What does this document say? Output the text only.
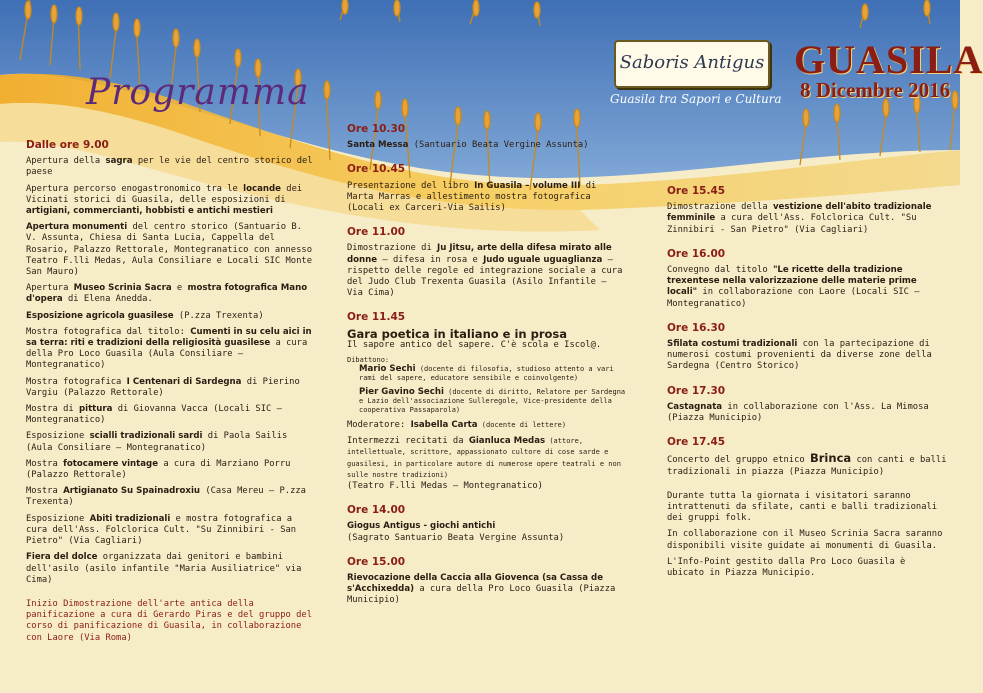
Programma
Saboris Antigus
Guasila tra Sapori e Cultura
GUASILA
8 Dicembre 2016
Dalle ore 9.00
Apertura della sagra per le vie del centro storico del paese
Apertura percorso enogastronomico tra le locande dei Vicinati storici di Guasila, delle esposizioni di artigiani, commercianti, hobbisti e antichi mestieri
Apertura monumenti del centro storico (Santuario B. V. Assunta, Chiesa di Santa Lucia, Cappella del Rosario, Palazzo Rettorale, Montegranatico con annesso Teatro F.lli Medas, Aula Consiliare e Locali SIC Monte San Mauro)
Apertura Museo Scrinia Sacra e mostra fotografica Mano d'opera di Elena Anedda.
Esposizione agricola guasilese (P.zza Trexenta)
Mostra fotografica dal titolo: Cumenti in su celu aici in sa terra: riti e tradizioni della religiosità guasilese a cura della Pro Loco Guasila (Aula Consiliare – Montegranatico)
Mostra fotografica I Centenari di Sardegna di Pierino Vargiu (Palazzo Rettorale)
Mostra di pittura di Giovanna Vacca (Locali SIC – Montegranatico)
Esposizione scialli tradizionali sardi di Paola Sailis (Aula Consiliare – Montegranatico)
Mostra fotocamere vintage a cura di Marziano Porru (Palazzo Rettorale)
Mostra Artigianato Su Spainadroxiu (Casa Mereu – P.zza Trexenta)
Esposizione Abiti tradizionali e mostra fotografica a cura dell'Ass. Folclorica Cult. "Su Zinnibiri - San Pietro" (Via Cagliari)
Fiera del dolce organizzata dai genitori e bambini dell'asilo (asilo infantile "Maria Ausiliatrice" via Cima)
Inizio Dimostrazione dell'arte antica della panificazione a cura di Gerardo Piras e del gruppo del corso di panificazione di Guasila, in collaborazione con Laore (Via Roma)
Ore 10.30
Santa Messa (Santuario Beata Vergine Assunta)
Ore 10.45
Presentazione del libro In Guasila – volume III di Marta Marras e allestimento mostra fotografica (Locali ex Carceri-Via Sailis)
Ore 11.00
Dimostrazione di Ju Jitsu, arte della difesa mirato alle donne – difesa in rosa e Judo uguale uguaglianza – rispetto delle regole ed integrazione sociale a cura del Judo Club Trexenta Guasila (Asilo Infantile – Via Cima)
Ore 11.45
Gara poetica in italiano e in prosa
Il sapore antico del sapere. C'è scola e Iscol@.
Dibattono:
Mario Sechi (docente di filosofia, studioso attento a vari rami del sapere, educatore sensibile e coinvolgente)
Pier Gavino Sechi (docente di diritto, Relatore per Sardegna e Lazio dell'associazione Sulleregole, Vice-presidente della cooperativa Passaparola)
Moderatore: Isabella Carta (docente di lettere)
Intermezzi recitati da Gianluca Medas (attore, intellettuale, scrittore, appassionato cultore di cose sarde e guasilesi, in particolare autore di numerose opere teatrali e non sulle nostre tradizioni)
(Teatro F.lli Medas – Montegranatico)
Ore 14.00
Giogus Antigus - giochi antichi
(Sagrato Santuario Beata Vergine Assunta)
Ore 15.00
Rievocazione della Caccia alla Giovenca (sa Cassa de s'Acchixedda) a cura della Pro Loco Guasila (Piazza Municipio)
Ore 15.45
Dimostrazione della vestizione dell'abito tradizionale femminile a cura dell'Ass. Folclorica Cult. "Su Zinnibiri - San Pietro" (Via Cagliari)
Ore 16.00
Convegno dal titolo "Le ricette della tradizione trexentese nella valorizzazione delle materie prime locali" in collaborazione con Laore (Locali SIC – Montegranatico)
Ore 16.30
Sfilata costumi tradizionali con la partecipazione di numerosi costumi provenienti da diverse zone della Sardegna (Centro Storico)
Ore 17.30
Castagnata in collaborazione con l'Ass. La Mimosa (Piazza Municipio)
Ore 17.45
Concerto del gruppo etnico Brinca con canti e balli tradizionali in piazza (Piazza Municipio)
Durante tutta la giornata i visitatori saranno intrattenuti da sfilate, canti e balli tradizionali dei gruppi folk.
In collaborazione con il Museo Scrinia Sacra saranno disponibili visite guidate ai monumenti di Guasila.
L'Info-Point gestito dalla Pro Loco Guasila è ubicato in Piazza Municipio.
